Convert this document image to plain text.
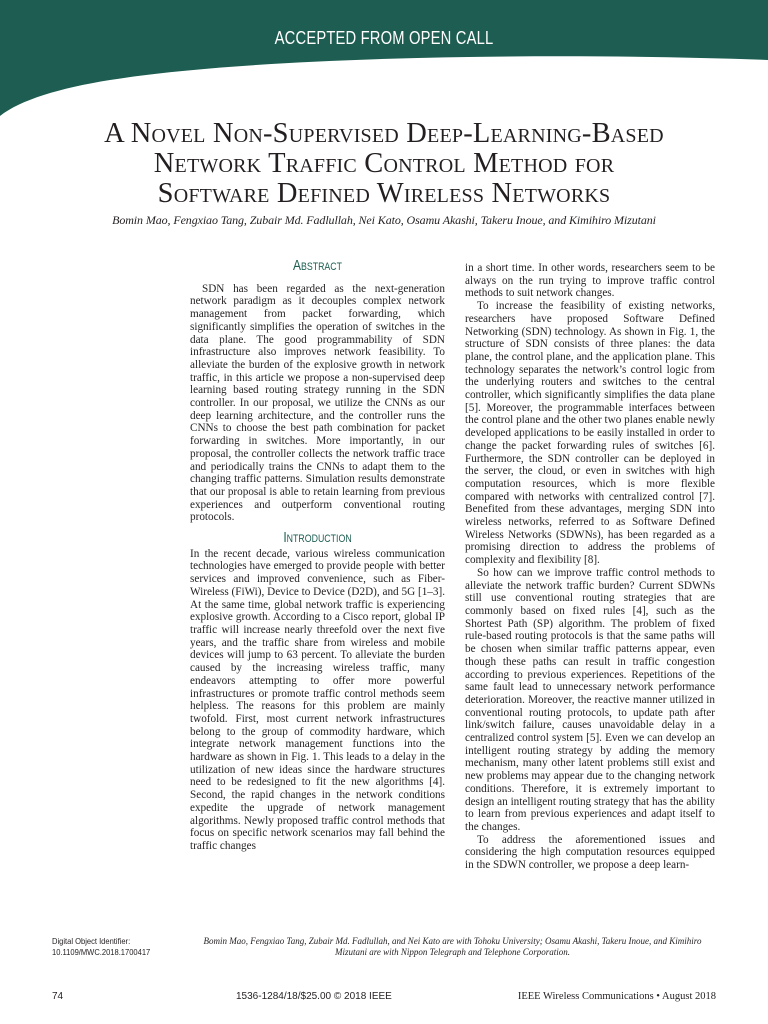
ACCEPTED FROM OPEN CALL
A Novel Non-Supervised Deep-Learning-Based
Network Traffic Control Method for
Software Defined Wireless Networks
Bomin Mao, Fengxiao Tang, Zubair Md. Fadlullah, Nei Kato, Osamu Akashi, Takeru Inoue, and Kimihiro Mizutani
Abstract

SDN has been regarded as the next-generation network paradigm as it decouples complex network management from packet forwarding, which significantly simplifies the operation of switches in the data plane. The good programmability of SDN infrastructure also improves network feasibility. To alleviate the burden of the explosive growth in network traffic, in this article we propose a non-supervised deep learning based routing strategy running in the SDN controller. In our proposal, we utilize the CNNs as our deep learning architecture, and the controller runs the CNNs to choose the best path combination for packet forwarding in switches. More importantly, in our proposal, the controller collects the network traffic trace and periodically trains the CNNs to adapt them to the changing traffic patterns. Simulation results demonstrate that our proposal is able to retain learning from previous experiences and outperform conventional routing protocols.

Introduction

In the recent decade, various wireless communication technologies have emerged to provide people with better services and improved convenience, such as Fiber-Wireless (FiWi), Device to Device (D2D), and 5G [1–3]. At the same time, global network traffic is experiencing explosive growth. According to a Cisco report, global IP traffic will increase nearly threefold over the next five years, and the traffic share from wireless and mobile devices will jump to 63 percent. To alleviate the burden caused by the increasing wireless traffic, many endeavors attempting to offer more powerful infrastructures or promote traffic control methods seem helpless. The reasons for this problem are mainly twofold. First, most current network infrastructures belong to the group of commodity hardware, which integrate network management functions into the hardware as shown in Fig. 1. This leads to a delay in the utilization of new ideas since the hardware structures need to be redesigned to fit the new algorithms [4]. Second, the rapid changes in the network conditions expedite the upgrade of network management algorithms. Newly proposed traffic control methods that focus on specific network scenarios may fall behind the traffic changes

in a short time. In other words, researchers seem to be always on the run trying to improve traffic control methods to suit network changes.

To increase the feasibility of existing networks, researchers have proposed Software Defined Networking (SDN) technology. As shown in Fig. 1, the structure of SDN consists of three planes: the data plane, the control plane, and the application plane. This technology separates the network’s control logic from the underlying routers and switches to the central controller, which significantly simplifies the data plane [5]. Moreover, the programmable interfaces between the control plane and the other two planes enable newly developed applications to be easily installed in order to change the packet forwarding rules of switches [6]. Furthermore, the SDN controller can be deployed in the server, the cloud, or even in switches with high computation resources, which is more flexible compared with networks with centralized control [7]. Benefited from these advantages, merging SDN into wireless networks, referred to as Software Defined Wireless Networks (SDWNs), has been regarded as a promising direction to address the problems of complexity and flexibility [8].

So how can we improve traffic control methods to alleviate the network traffic burden? Current SDWNs still use conventional routing strategies that are commonly based on fixed rules [4], such as the Shortest Path (SP) algorithm. The problem of fixed rule-based routing protocols is that the same paths will be chosen when similar traffic patterns appear, even though these paths can result in traffic congestion according to previous experiences. Repetitions of the same fault lead to unnecessary network performance deterioration. Moreover, the reactive manner utilized in conventional routing protocols, to update path after link/switch failure, causes unavoidable delay in a centralized control system [5]. Even we can develop an intelligent routing strategy by adding the memory mechanism, many other latent problems still exist and new problems may appear due to the changing network conditions. Therefore, it is extremely important to design an intelligent routing strategy that has the ability to learn from previous experiences and adapt itself to the changes.

To address the aforementioned issues and considering the high computation resources equipped in the SDWN controller, we propose a deep learn-

Digital Object Identifier:
10.1109/MWC.2018.1700417
Bomin Mao, Fengxiao Tang, Zubair Md. Fadlullah, and Nei Kato are with Tohoku University; Osamu Akashi, Takeru Inoue, and Kimihiro Mizutani are with Nippon Telegraph and Telephone Corporation.
74	1536-1284/18/$25.00 © 2018 IEEE	IEEE Wireless Communications • August 2018
